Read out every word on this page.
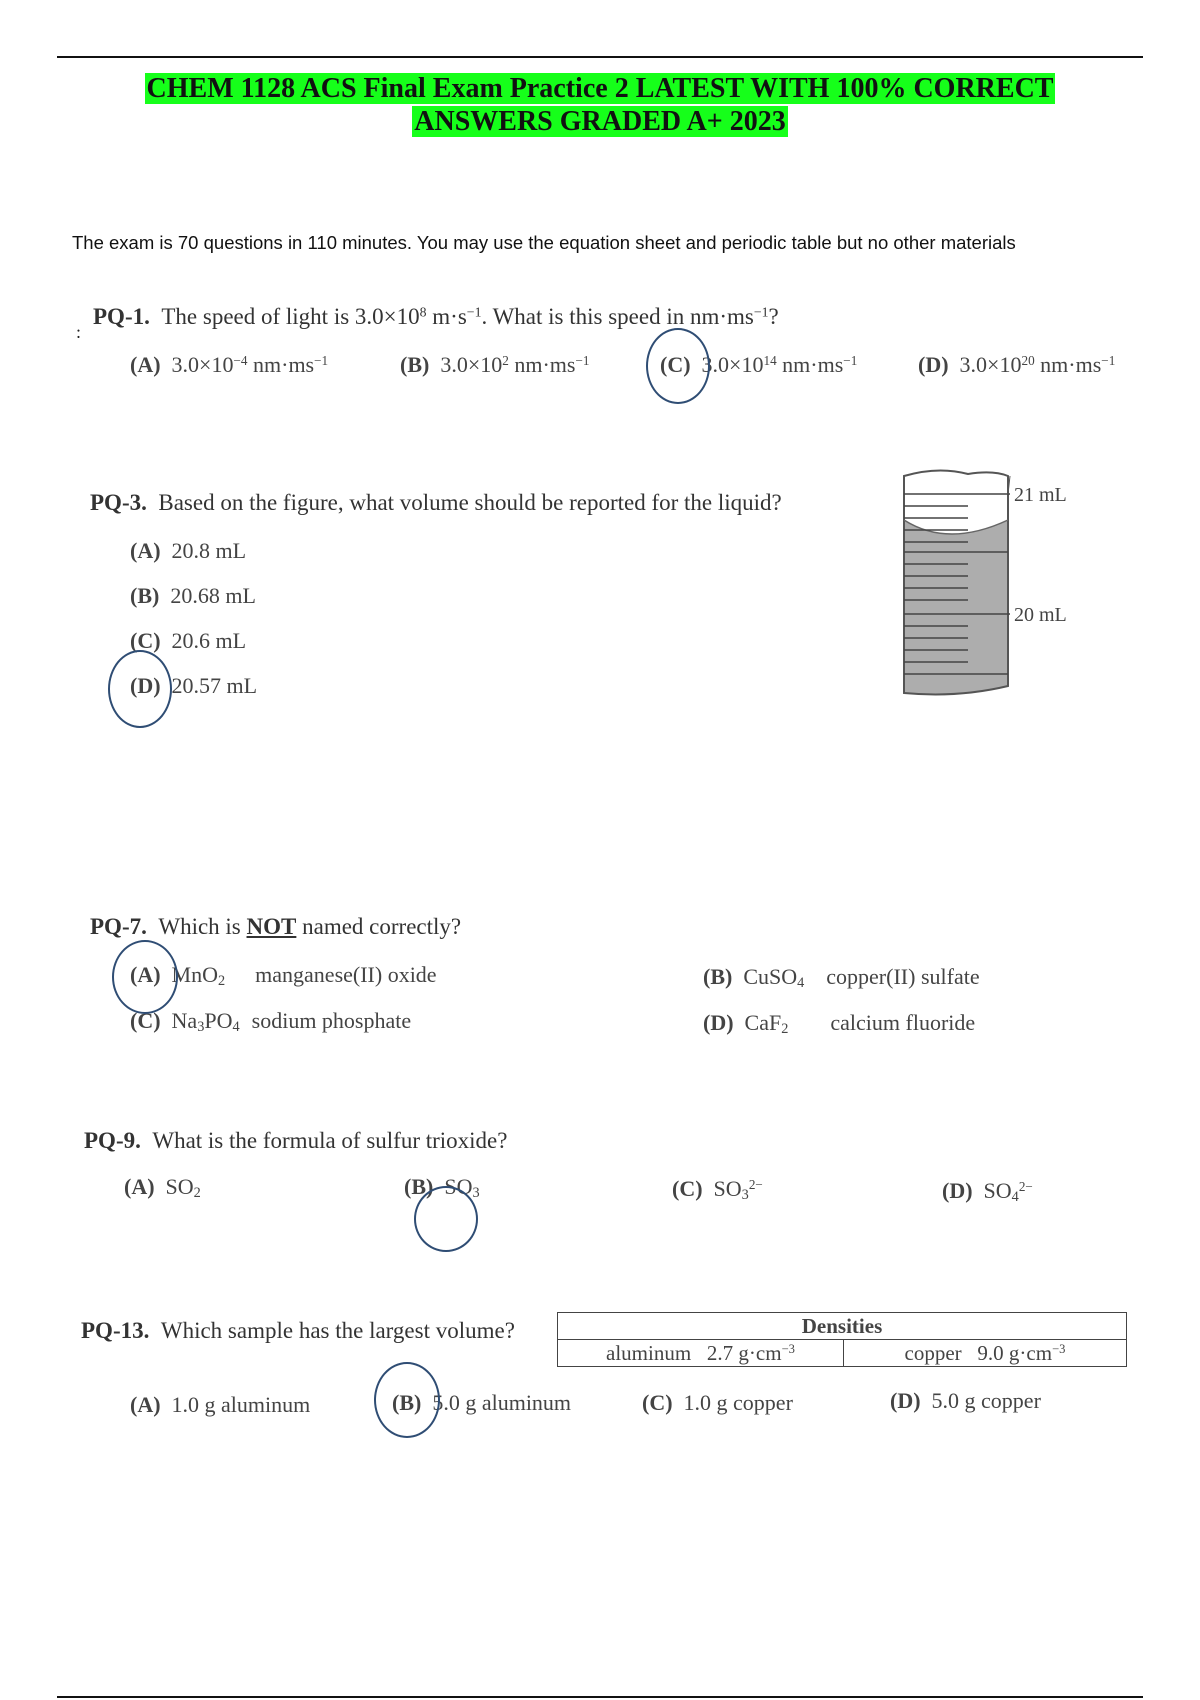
CHEM 1128 ACS Final Exam Practice 2 LATEST WITH 100% CORRECT
ANSWERS GRADED A+ 2023
The exam is 70 questions in 110 minutes. You may use the equation sheet and periodic table but no other materials
:
PQ-1. The speed of light is $3.0\times 10^8$ $m\cdot s^{-1}$. What is this speed in $nm\cdot ms^{-1}$?
(A) $3.0\times 10^{-4}$ $nm\cdot ms^{-1}$	(B) $3.0\times 10^2$ $nm\cdot ms^{-1}$	(C) $3.0\times 10^{14}$ $nm\cdot ms^{-1}$	(D) $3.0\times 10^{20}$ $nm\cdot ms^{-1}$
PQ-3. Based on the figure, what volume should be reported for the liquid?
(A) 20.8 mL
(B) 20.68 mL
(C) 20.6 mL
(D) 20.57 mL
21 mL
20 mL
PQ-7. Which is NOT named correctly?
(A) MnO$_2$ manganese(II) oxide	(B) CuSO$_4$ copper(II) sulfate
(C) $Na_3PO_4$ sodium phosphate	(D) CaF$_2$ calcium fluoride
PQ-9. What is the formula of sulfur trioxide?
(A) $SO_2$	(B) $SO_3$	(C) $SO_3^{2-}$	(D) $SO_4^{2-}$
PQ-13. Which sample has the largest volume?	Densities
aluminum   2.7 $g\cdot cm^{-3}$	copper   9.0 $g\cdot cm^{-3}$
(A) 1.0 g aluminum	(B) 5.0 g aluminum	(C) 1.0 g copper	(D) 5.0 g copper
